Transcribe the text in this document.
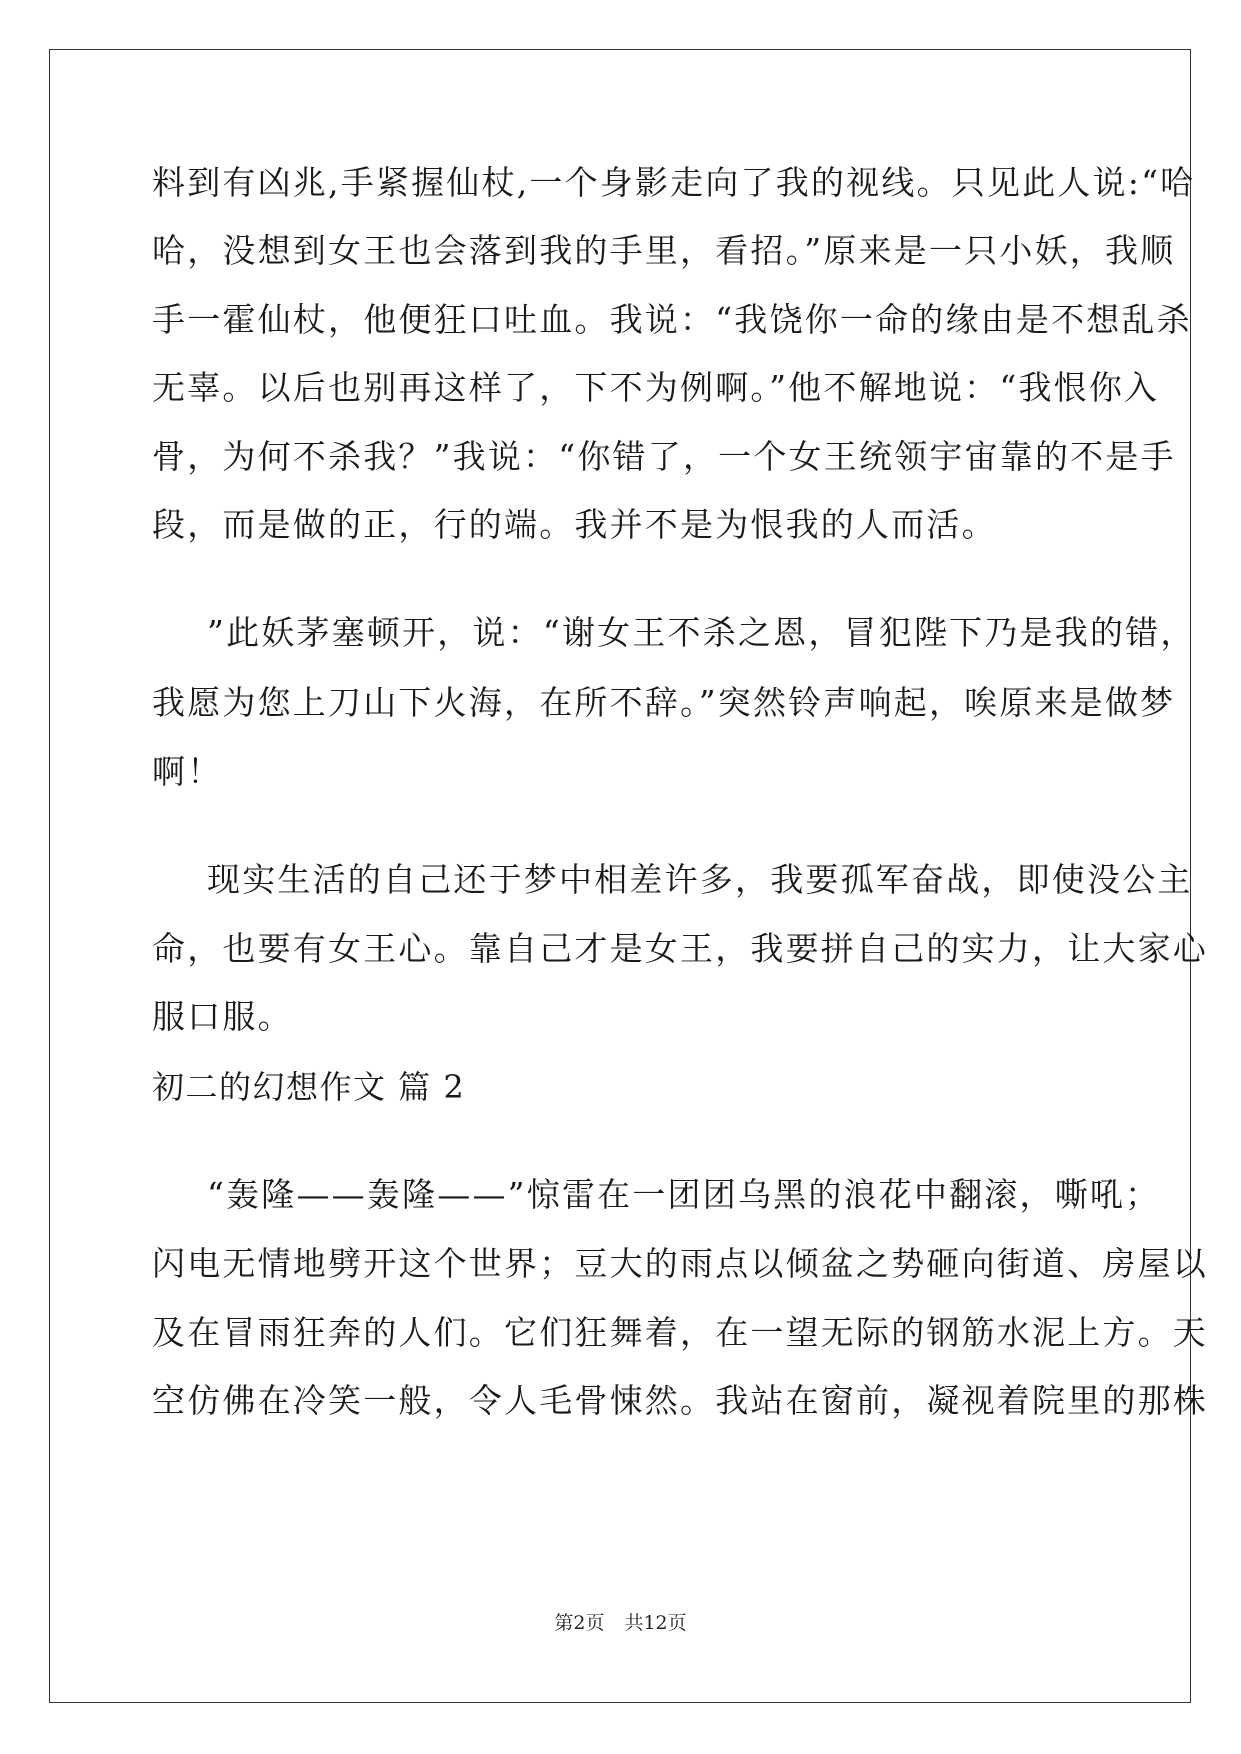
料到有凶兆,手紧握仙杖,一个身影走向了我的视线。只见此人说:“哈
哈，没想到女王也会落到我的手里，看招。”原来是一只小妖，我顺
手一霍仙杖，他便狂口吐血。我说：“我饶你一命的缘由是不想乱杀
无辜。以后也别再这样了，下不为例啊。”他不解地说：“我恨你入
骨，为何不杀我？”我说：“你错了，一个女王统领宇宙靠的不是手
段，而是做的正，行的端。我并不是为恨我的人而活。
”此妖茅塞顿开，说：“谢女王不杀之恩，冒犯陛下乃是我的错，
我愿为您上刀山下火海，在所不辞。”突然铃声响起，唉原来是做梦
啊！
现实生活的自己还于梦中相差许多，我要孤军奋战，即使没公主
命，也要有女王心。靠自己才是女王，我要拼自己的实力，让大家心
服口服。
初二的幻想作文 篇 2
“轰隆——轰隆——”惊雷在一团团乌黑的浪花中翻滚，嘶吼；
闪电无情地劈开这个世界；豆大的雨点以倾盆之势砸向街道、房屋以
及在冒雨狂奔的人们。它们狂舞着，在一望无际的钢筋水泥上方。天
空仿佛在冷笑一般，令人毛骨悚然。我站在窗前，凝视着院里的那株
第2页 共12页
